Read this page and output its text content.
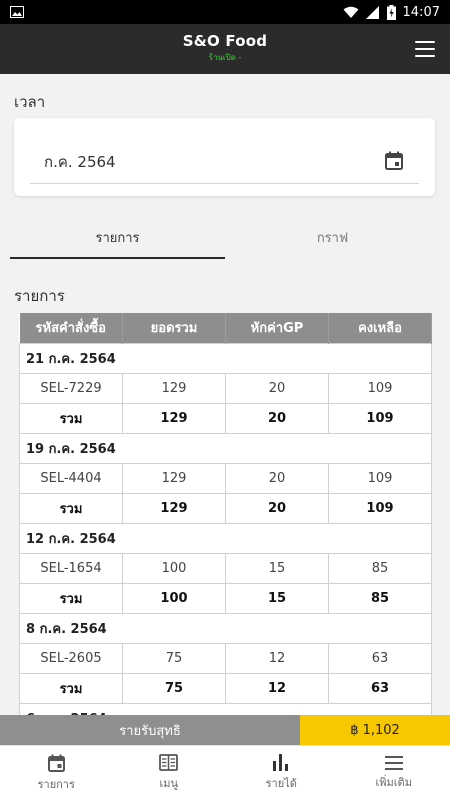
14:07
S&O Food
ร้านเปิด -
เวลา
ก.ค. 2564
รายการ	กราฟ
รายการ
รหัสคำสั่งซื้อ	ยอดรวม	หักค่าGP	คงเหลือ
21 ก.ค. 2564			
SEL-7229	129	20	109
รวม	129	20	109
19 ก.ค. 2564			
SEL-4404	129	20	109
รวม	129	20	109
12 ก.ค. 2564			
SEL-1654	100	15	85
รวม	100	15	85
8 ก.ค. 2564			
SEL-2605	75	12	63
รวม	75	12	63

รายรับสุทธิ	฿ 1,102
รายการ	เมนู	รายได้	เพิ่มเติม
